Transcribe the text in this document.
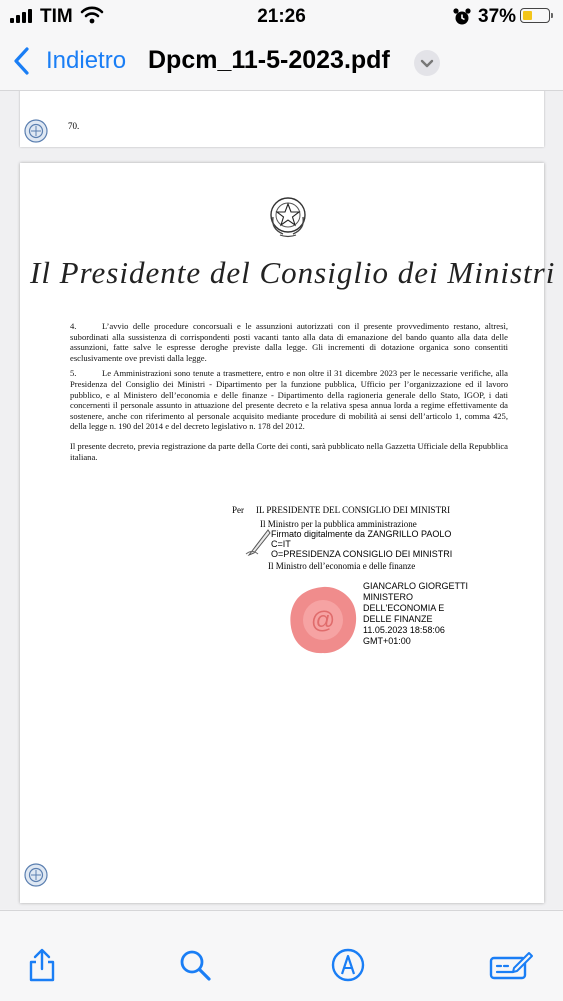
TIM	21:26	37%
Indietro Dpcm_11-5-2023.pdf
70.
Il Presidente del Consiglio dei Ministri

4.	L’avvio delle procedure concorsuali e le assunzioni autorizzati con il presente provvedimento restano, altresì, subordinati alla sussistenza di corrispondenti posti vacanti tanto alla data di emanazione del bando quanto alla data delle assunzioni, fatte salve le espresse deroghe previste dalla legge. Gli incrementi di dotazione organica sono consentiti esclusivamente ove previsti dalla legge.

5.	Le Amministrazioni sono tenute a trasmettere, entro e non oltre il 31 dicembre 2023 per le necessarie verifiche, alla Presidenza del Consiglio dei Ministri - Dipartimento per la funzione pubblica, Ufficio per l’organizzazione ed il lavoro pubblico, e al Ministero dell’economia e delle finanze - Dipartimento della ragioneria generale dello Stato, IGOP, i dati concernenti il personale assunto in attuazione del presente decreto e la relativa spesa annua lorda a regime effettivamente da sostenere, anche con riferimento al personale acquisito mediante procedure di mobilità ai sensi dell’articolo 1, comma 425, della legge n. 190 del 2014 e del decreto legislativo n. 178 del 2012.

Il presente decreto, previa registrazione da parte della Corte dei conti, sarà pubblicato nella Gazzetta Ufficiale della Repubblica italiana.

Per IL PRESIDENTE DEL CONSIGLIO DEI MINISTRI
Il Ministro per la pubblica amministrazione
Firmato digitalmente da ZANGRILLO PAOLO
C=IT
O=PRESIDENZA CONSIGLIO DEI MINISTRI
Il Ministro dell’economia e delle finanze
@
GIANCARLO GIORGETTI
MINISTERO
DELL'ECONOMIA E
DELLE FINANZE
11.05.2023 18:58:06
GMT+01:00
